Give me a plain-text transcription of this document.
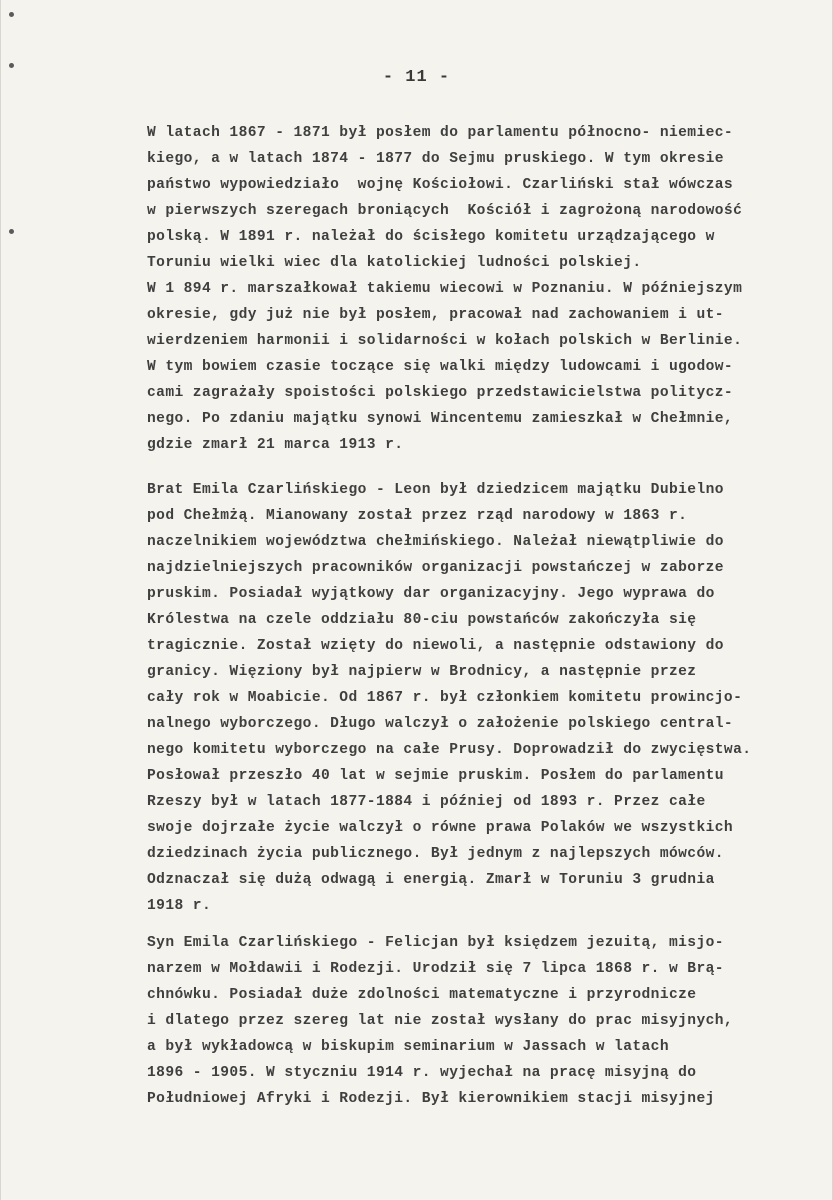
- 11 -
W latach 1867 - 1871 był posłem do parlamentu północno- niemiec-
kiego, a w latach 1874 - 1877 do Sejmu pruskiego. W tym okresie
państwo wypowiedziało  wojnę Kościołowi. Czarliński stał wówczas
w pierwszych szeregach broniących  Kościół i zagrożoną narodowość
polską. W 1891 r. należał do ścisłego komitetu urządzającego w
Toruniu wielki wiec dla katolickiej ludności polskiej.
W 1 894 r. marszałkował takiemu wiecowi w Poznaniu. W późniejszym
okresie, gdy już nie był posłem, pracował nad zachowaniem i ut-
wierdzeniem harmonii i solidarności w kołach polskich w Berlinie.
W tym bowiem czasie toczące się walki między ludowcami i ugodow-
cami zagrażały spoistości polskiego przedstawicielstwa politycz-
nego. Po zdaniu majątku synowi Wincentemu zamieszkał w Chełmnie,
gdzie zmarł 21 marca 1913 r.
Brat Emila Czarlińskiego - Leon był dziedzicem majątku Dubielno
pod Chełmżą. Mianowany został przez rząd narodowy w 1863 r.
naczelnikiem województwa chełmińskiego. Należał niewątpliwie do
najdzielniejszych pracowników organizacji powstańczej w zaborze
pruskim. Posiadał wyjątkowy dar organizacyjny. Jego wyprawa do
Królestwa na czele oddziału 80-ciu powstańców zakończyła się
tragicznie. Został wzięty do niewoli, a następnie odstawiony do
granicy. Więziony był najpierw w Brodnicy, a następnie przez
cały rok w Moabicie. Od 1867 r. był członkiem komitetu prowincjo-
nalnego wyborczego. Długo walczył o założenie polskiego central-
nego komitetu wyborczego na całe Prusy. Doprowadził do zwycięstwa.
Posłował przeszło 40 lat w sejmie pruskim. Posłem do parlamentu
Rzeszy był w latach 1877-1884 i później od 1893 r. Przez całe
swoje dojrzałe życie walczył o równe prawa Polaków we wszystkich
dziedzinach życia publicznego. Był jednym z najlepszych mówców.
Odznaczał się dużą odwagą i energią. Zmarł w Toruniu 3 grudnia
1918 r.
Syn Emila Czarlińskiego - Felicjan był księdzem jezuitą, misjo-
narzem w Mołdawii i Rodezji. Urodził się 7 lipca 1868 r. w Brą-
chnówku. Posiadał duże zdolności matematyczne i przyrodnicze
i dlatego przez szereg lat nie został wysłany do prac misyjnych,
a był wykładowcą w biskupim seminarium w Jassach w latach
1896 - 1905. W styczniu 1914 r. wyjechał na pracę misyjną do
Południowej Afryki i Rodezji. Był kierownikiem stacji misyjnej
